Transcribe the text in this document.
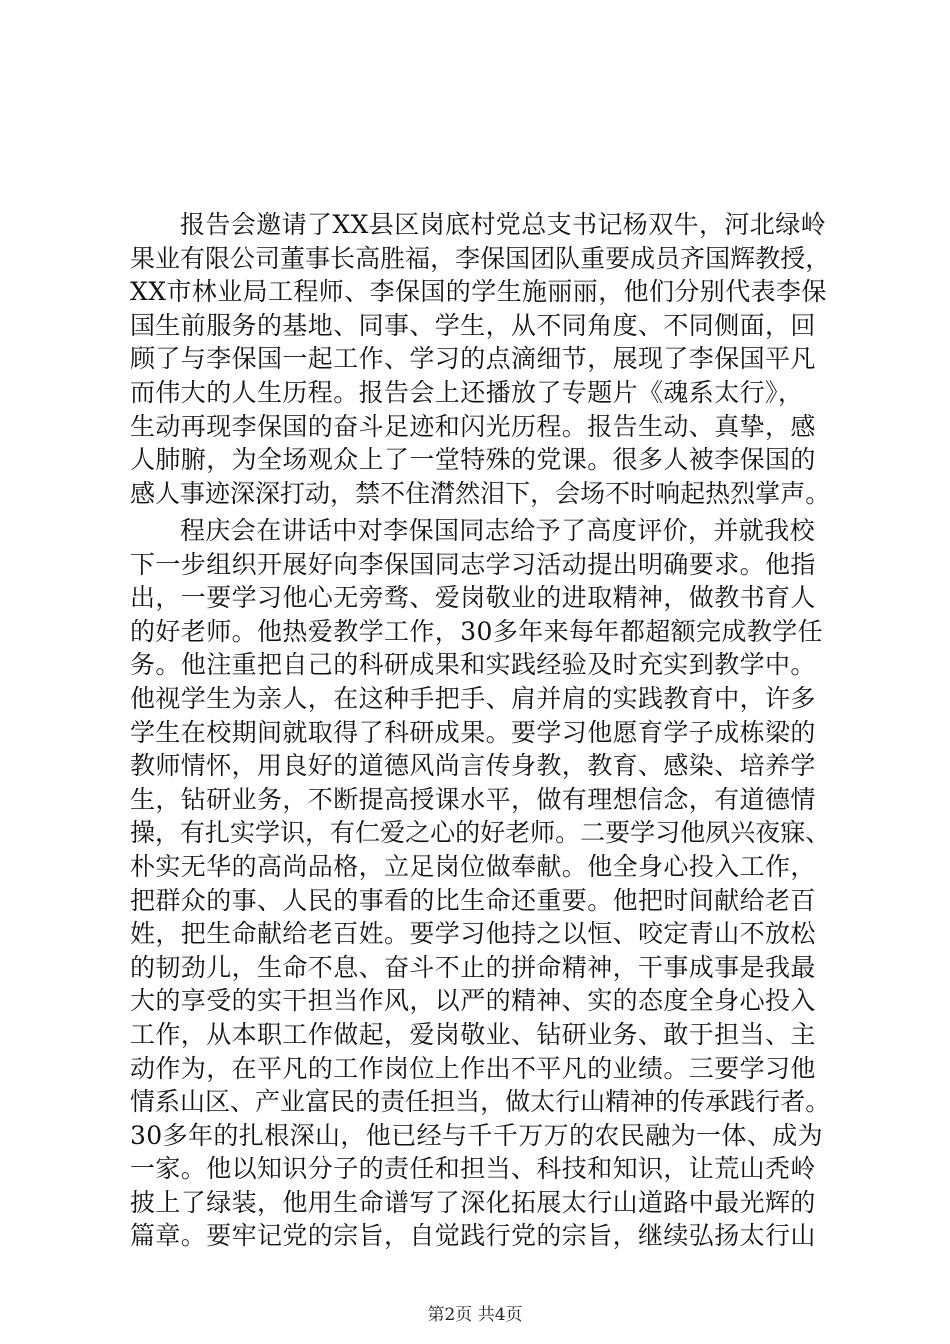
报告会邀请了XX县区岗底村党总支书记杨双牛，河北绿岭
果业有限公司董事长高胜福，李保国团队重要成员齐国辉教授，
XX市林业局工程师、李保国的学生施丽丽，他们分别代表李保
国生前服务的基地、同事、学生，从不同角度、不同侧面，回
顾了与李保国一起工作、学习的点滴细节，展现了李保国平凡
而伟大的人生历程。报告会上还播放了专题片《魂系太行》，
生动再现李保国的奋斗足迹和闪光历程。报告生动、真挚，感
人肺腑，为全场观众上了一堂特殊的党课。很多人被李保国的
感人事迹深深打动，禁不住潸然泪下，会场不时响起热烈掌声。
程庆会在讲话中对李保国同志给予了高度评价，并就我校
下一步组织开展好向李保国同志学习活动提出明确要求。他指
出，一要学习他心无旁骛、爱岗敬业的进取精神，做教书育人
的好老师。他热爱教学工作，30多年来每年都超额完成教学任
务。他注重把自己的科研成果和实践经验及时充实到教学中。
他视学生为亲人，在这种手把手、肩并肩的实践教育中，许多
学生在校期间就取得了科研成果。要学习他愿育学子成栋梁的
教师情怀，用良好的道德风尚言传身教，教育、感染、培养学
生，钻研业务，不断提高授课水平，做有理想信念，有道德情
操，有扎实学识，有仁爱之心的好老师。二要学习他夙兴夜寐、
朴实无华的高尚品格，立足岗位做奉献。他全身心投入工作，
把群众的事、人民的事看的比生命还重要。他把时间献给老百
姓，把生命献给老百姓。要学习他持之以恒、咬定青山不放松
的韧劲儿，生命不息、奋斗不止的拼命精神，干事成事是我最
大的享受的实干担当作风，以严的精神、实的态度全身心投入
工作，从本职工作做起，爱岗敬业、钻研业务、敢于担当、主
动作为，在平凡的工作岗位上作出不平凡的业绩。三要学习他
情系山区、产业富民的责任担当，做太行山精神的传承践行者。
30多年的扎根深山，他已经与千千万万的农民融为一体、成为
一家。他以知识分子的责任和担当、科技和知识，让荒山秃岭
披上了绿装，他用生命谱写了深化拓展太行山道路中最光辉的
篇章。要牢记党的宗旨，自觉践行党的宗旨，继续弘扬太行山
第2页 共4页
